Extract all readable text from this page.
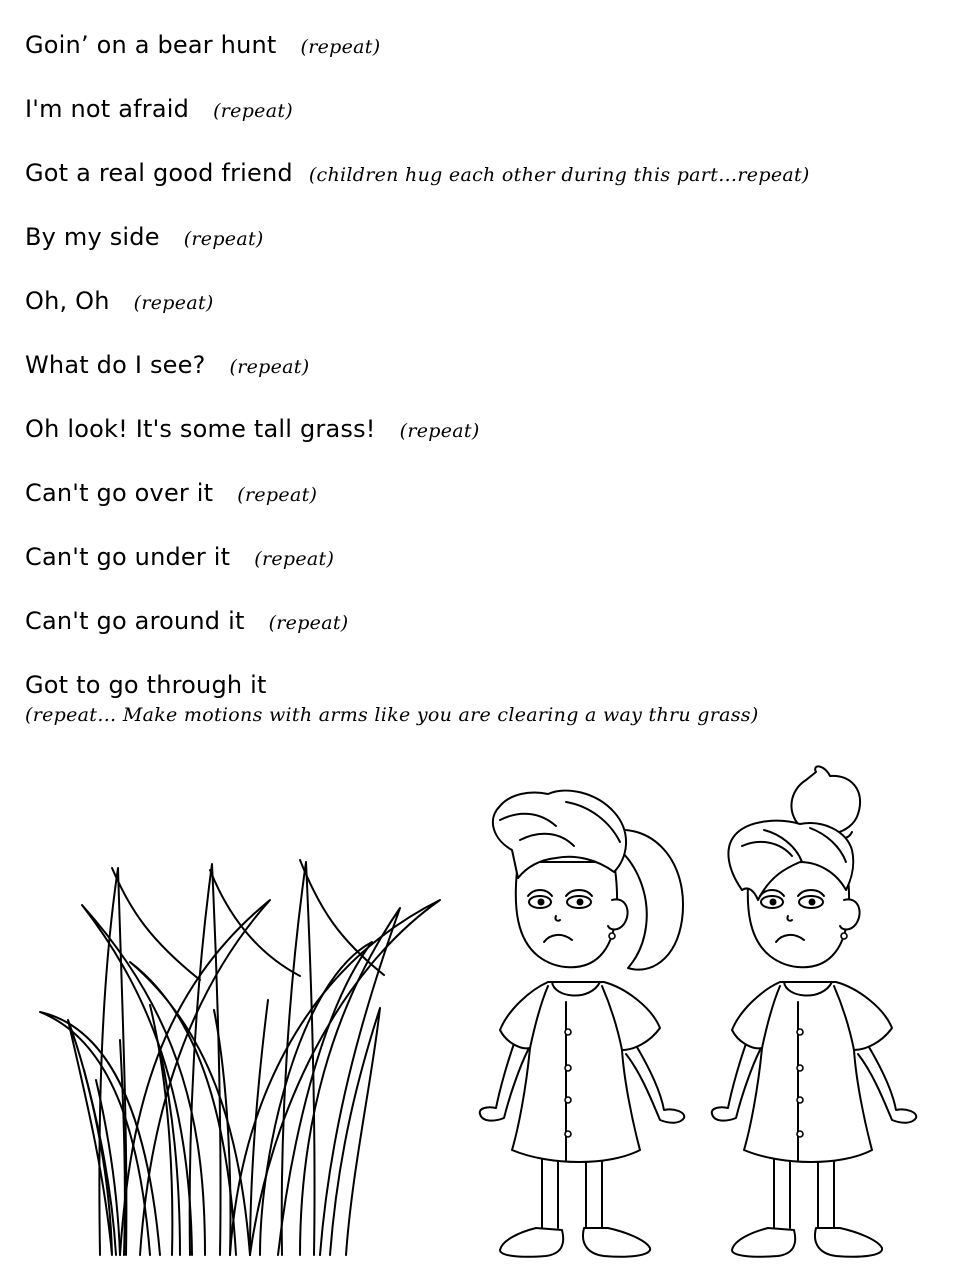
Goin’ on a bear hunt (repeat)
I'm not afraid (repeat)
Got a real good friend (children hug each other during this part…repeat)
By my side (repeat)
Oh, Oh (repeat)
What do I see? (repeat)
Oh look! It's some tall grass! (repeat)
Can't go over it (repeat)
Can't go under it (repeat)
Can't go around it (repeat)
Got to go through it
(repeat… Make motions with arms like you are clearing a way thru grass)
